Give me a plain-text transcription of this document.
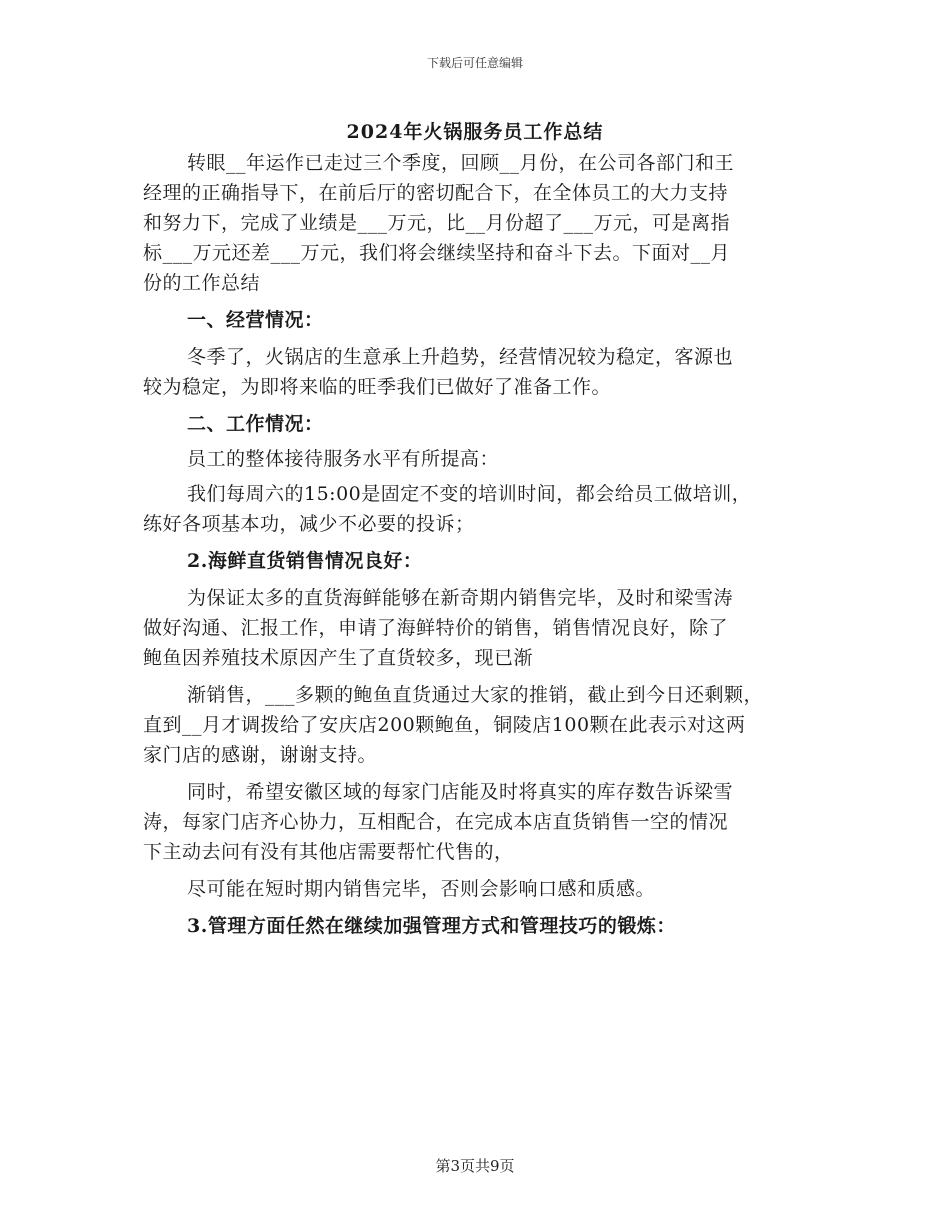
下载后可任意编辑
2024年火锅服务员工作总结

转眼__年运作已走过三个季度，回顾__月份，在公司各部门和王

经理的正确指导下，在前后厅的密切配合下，在全体员工的大力支持

和努力下，完成了业绩是___万元，比__月份超了___万元，可是离指

标___万元还差___万元，我们将会继续坚持和奋斗下去。下面对__月

份的工作总结

一、经营情况：

冬季了，火锅店的生意承上升趋势，经营情况较为稳定，客源也

较为稳定，为即将来临的旺季我们已做好了准备工作。

二、工作情况：

员工的整体接待服务水平有所提高：

我们每周六的15:00是固定不变的培训时间，都会给员工做培训，

练好各项基本功，减少不必要的投诉；

2.海鲜直货销售情况良好：

为保证太多的直货海鲜能够在新奇期内销售完毕，及时和梁雪涛

做好沟通、汇报工作，申请了海鲜特价的销售，销售情况良好，除了

鲍鱼因养殖技术原因产生了直货较多，现已渐

渐销售，___多颗的鲍鱼直货通过大家的推销，截止到今日还剩颗，

直到__月才调拨给了安庆店200颗鲍鱼，铜陵店100颗在此表示对这两

家门店的感谢，谢谢支持。

同时，希望安徽区域的每家门店能及时将真实的库存数告诉梁雪

涛，每家门店齐心协力，互相配合，在完成本店直货销售一空的情况

下主动去问有没有其他店需要帮忙代售的，

尽可能在短时期内销售完毕，否则会影响口感和质感。

3.管理方面任然在继续加强管理方式和管理技巧的锻炼：

第3页共9页
